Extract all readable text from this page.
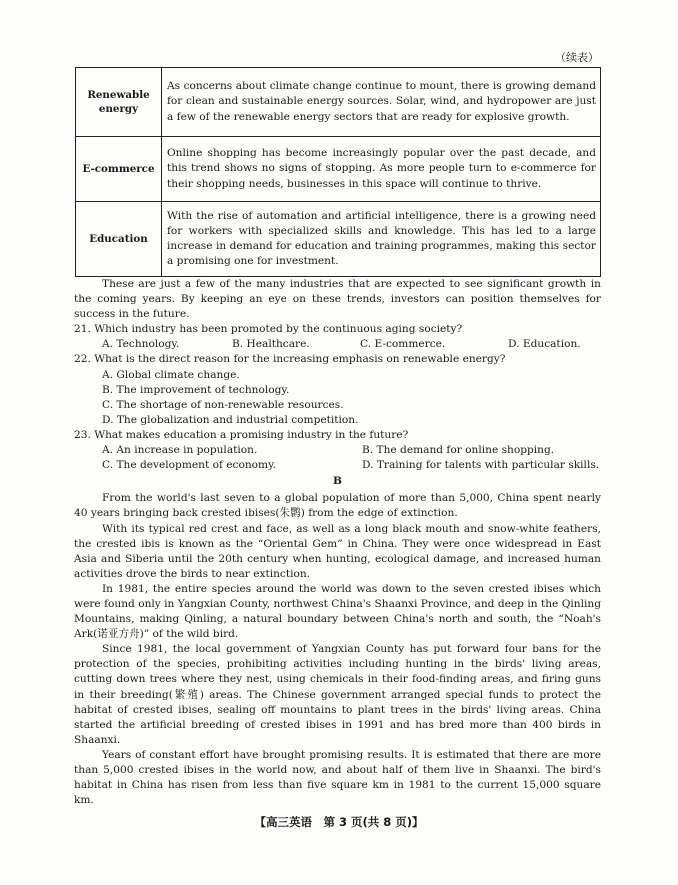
（续表）
Renewable energy	As concerns about climate change continue to mount, there is growing demand for clean and sustainable energy sources. Solar, wind, and hydropower are just a few of the renewable energy sectors that are ready for explosive growth.
E-commerce	Online shopping has become increasingly popular over the past decade, and this trend shows no signs of stopping. As more people turn to e-commerce for their shopping needs, businesses in this space will continue to thrive.
Education	With the rise of automation and artificial intelligence, there is a growing need for workers with specialized skills and knowledge. This has led to a large increase in demand for education and training programmes, making this sector a promising one for investment.

These are just a few of the many industries that are expected to see significant growth in the coming years. By keeping an eye on these trends, investors can position themselves for success in the future.

21. Which industry has been promoted by the continuous aging society?

A. Technology.	B. Healthcare.	C. E-commerce.	D. Education.

22. What is the direct reason for the increasing emphasis on renewable energy?

A. Global climate change.
B. The improvement of technology.
C. The shortage of non-renewable resources.
D. The globalization and industrial competition.

23. What makes education a promising industry in the future?

A. An increase in population.	B. The demand for online shopping.
C. The development of economy.	D. Training for talents with particular skills.
B

From the world's last seven to a global population of more than 5,000, China spent nearly 40 years bringing back crested ibises(朱鹮) from the edge of extinction.

With its typical red crest and face, as well as a long black mouth and snow-white feathers, the crested ibis is known as the “Oriental Gem” in China. They were once widespread in East Asia and Siberia until the 20th century when hunting, ecological damage, and increased human activities drove the birds to near extinction.

In 1981, the entire species around the world was down to the seven crested ibises which were found only in Yangxian County, northwest China's Shaanxi Province, and deep in the Qinling Mountains, making Qinling, a natural boundary between China's north and south, the “Noah's Ark(诺亚方舟)” of the wild bird.

Since 1981, the local government of Yangxian County has put forward four bans for the protection of the species, prohibiting activities including hunting in the birds' living areas, cutting down trees where they nest, using chemicals in their food-finding areas, and firing guns in their breeding(繁殖) areas. The Chinese government arranged special funds to protect the habitat of crested ibises, sealing off mountains to plant trees in the birds' living areas. China started the artificial breeding of crested ibises in 1991 and has bred more than 400 birds in Shaanxi.

Years of constant effort have brought promising results. It is estimated that there are more than 5,000 crested ibises in the world now, and about half of them live in Shaanxi. The bird's habitat in China has risen from less than five square km in 1981 to the current 15,000 square km.

【高三英语　第 3 页(共 8 页)】
